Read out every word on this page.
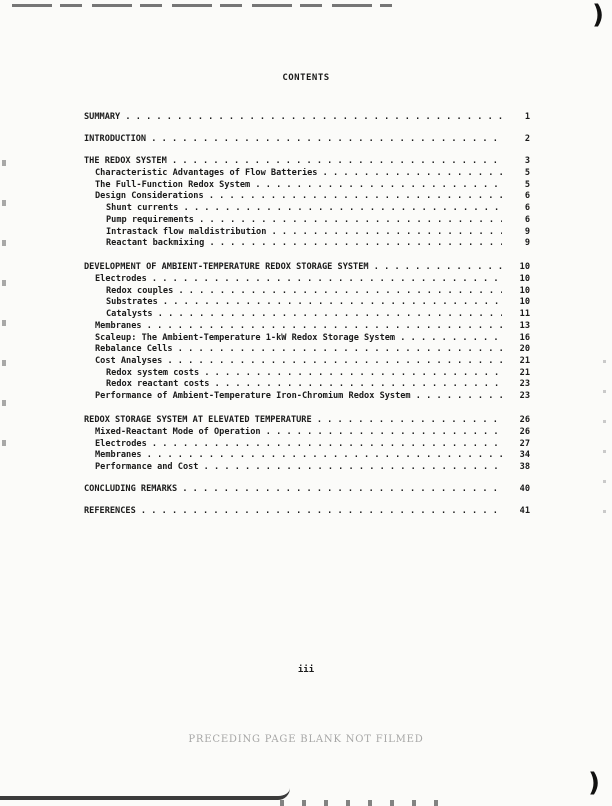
)
CONTENTS
SUMMARY . . .	1
INTRODUCTION . . .	2
THE REDOX SYSTEM . . .	3
Characteristic Advantages of Flow Batteries . . .	5
The Full-Function Redox System . . .	5
Design Considerations . . .	6
Shunt currents . . .	6
Pump requirements . . .	6
Intrastack flow maldistribution . . .	9
Reactant backmixing . . .	9
DEVELOPMENT OF AMBIENT-TEMPERATURE REDOX STORAGE SYSTEM . . .	10
Electrodes . . .	10
Redox couples . . .	10
Substrates . . .	10
Catalysts . . .	11
Membranes . . .	13
Scaleup: The Ambient-Temperature 1-kW Redox Storage System . . .	16
Rebalance Cells . . .	20
Cost Analyses . . .	21
Redox system costs . . .	21
Redox reactant costs . . .	23
Performance of Ambient-Temperature Iron-Chromium Redox System . . .	23
REDOX STORAGE SYSTEM AT ELEVATED TEMPERATURE . . .	26
Mixed-Reactant Mode of Operation . . .	26
Electrodes . . .	27
Membranes . . .	34
Performance and Cost . . .	38
CONCLUDING REMARKS . . .	40
REFERENCES . . .	41
iii
PRECEDING PAGE BLANK NOT FILMED
)
